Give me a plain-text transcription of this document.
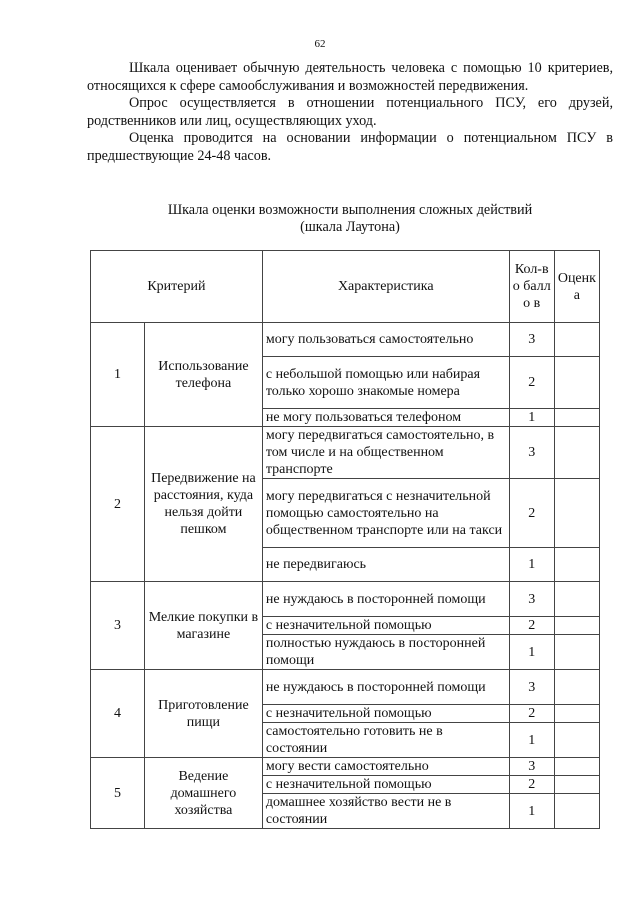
62

Шкала оценивает обычную деятельность человека с помощью 10 критериев, относящихся к сфере самообслуживания и возможностей передвижения.

Опрос осуществляется в отношении потенциального ПСУ, его друзей, родственников или лиц, осуществляющих уход.

Оценка проводится на основании информации о потенциальном ПСУ в предшествующие 24-48 часов.

Шкала оценки возможности выполнения сложных действий
(шкала Лаутона)
Критерий		Характеристика	Кол-во балло в	Оценк а
1	Использование телефона	могу пользоваться самостоятельно	3	
		с небольшой помощью или набирая только хорошо знакомые номера	2	
		не могу пользоваться телефоном	1	
2	Передвижение на расстояния, куда нельзя дойти пешком	могу передвигаться самостоятельно, в том числе и на общественном транспорте	3	
		могу передвигаться с незначительной помощью самостоятельно на общественном транспорте или на такси	2	
		не передвигаюсь	1	
3	Мелкие покупки в магазине	не нуждаюсь в посторонней помощи	3	
		с незначительной помощью	2	
		полностью нуждаюсь в посторонней помощи	1	
4	Приготовление пищи	не нуждаюсь в посторонней помощи	3	
		с незначительной помощью	2	
		самостоятельно готовить не в состоянии	1	
5	Ведение домашнего хозяйства	могу вести самостоятельно	3	
		с незначительной помощью	2	
		домашнее хозяйство вести не в состоянии	1	
